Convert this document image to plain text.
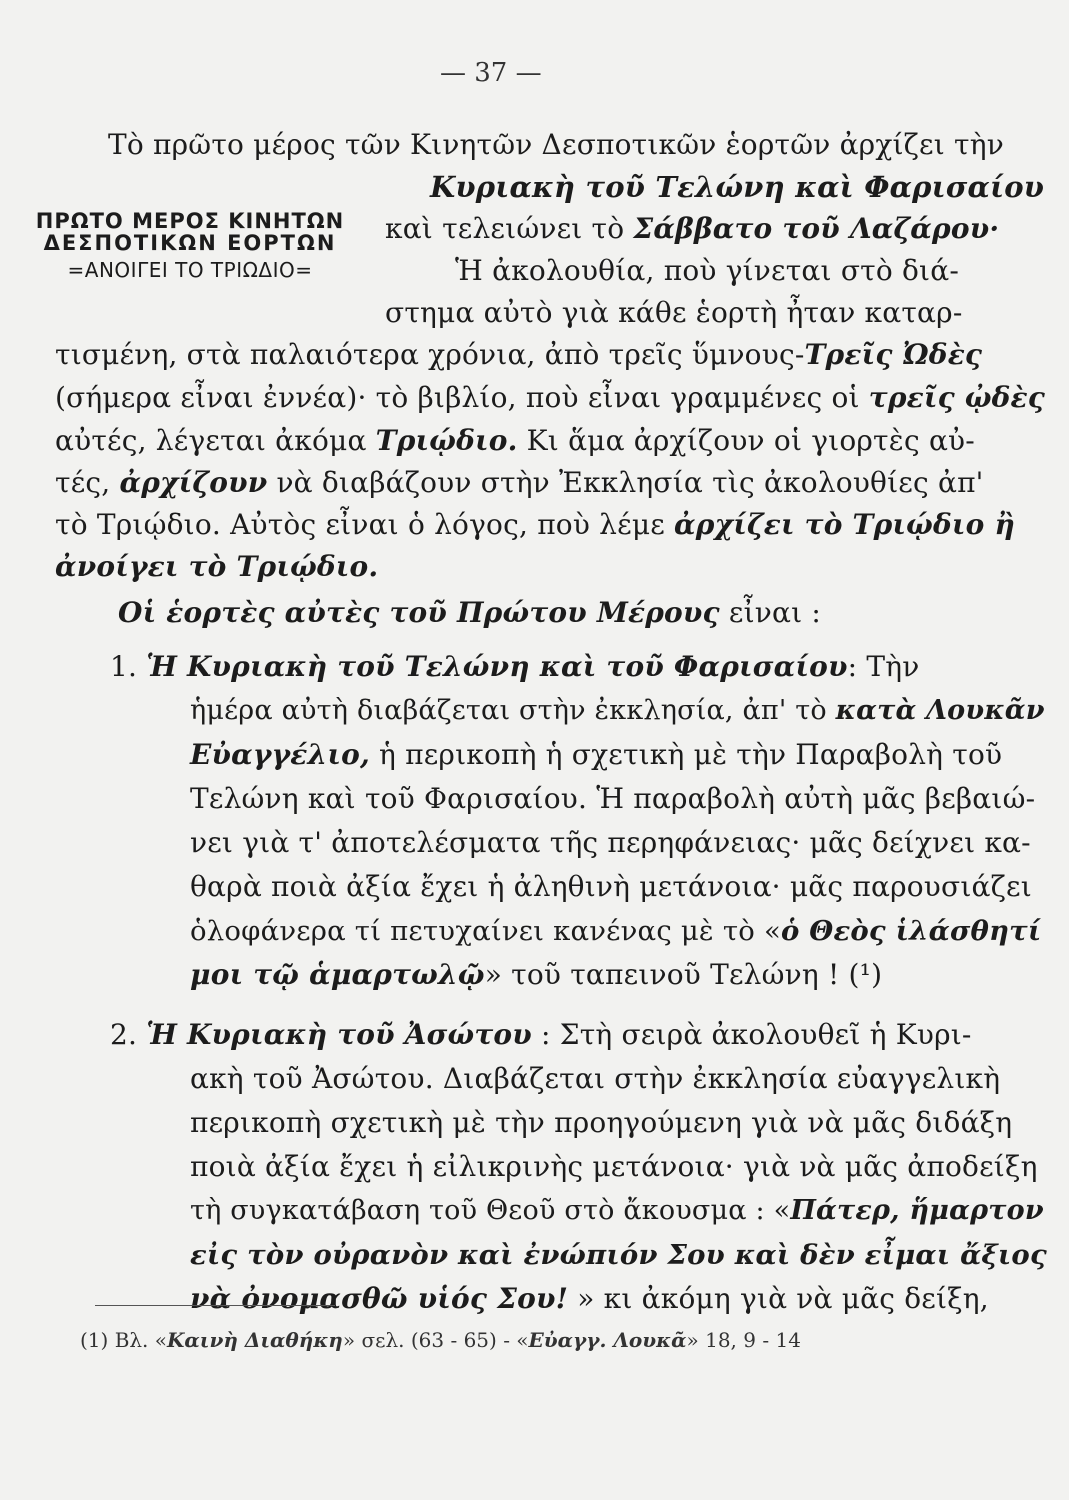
— 37 —
ΠΡΩΤΟ ΜΕΡΟΣ ΚΙΝΗΤΩΝ
ΔΕΣΠΟΤΙΚΩΝ ΕΟΡΤΩΝ
=ΑΝΟΙΓΕΙ ΤΟ ΤΡΙΩΔΙΟ=
Τὸ πρῶτο μέρος τῶν Κινητῶν Δεσποτικῶν ἑορτῶν ἀρχίζει τὴν
Κυριακὴ τοῦ Τελώνη καὶ Φαρισαίου
καὶ τελειώνει τὸ Σάββατο τοῦ Λαζάρου·
Ἡ ἀκολουθία, ποὺ γίνεται στὸ διά-
στημα αὐτὸ γιὰ κάθε ἑορτὴ ἦταν καταρ-
τισμένη, στὰ παλαιότερα χρόνια, ἀπὸ τρεῖς ὕμνους-Τρεῖς Ὠδὲς
(σήμερα εἶναι ἐννέα)· τὸ βιβλίο, ποὺ εἶναι γραμμένες οἱ τρεῖς ᾠδὲς
αὐτές, λέγεται ἀκόμα Τριῴδιο. Κι ἅμα ἀρχίζουν οἱ γιορτὲς αὐ-
τές, ἀρχίζουν νὰ διαβάζουν στὴν Ἐκκλησία τὶς ἀκολουθίες ἀπ'
τὸ Τριῴδιο. Αὐτὸς εἶναι ὁ λόγος, ποὺ λέμε ἀρχίζει τὸ Τριῴδιο ἢ
ἀνοίγει τὸ Τριῴδιο.
Οἱ ἑορτὲς αὐτὲς τοῦ Πρώτου Μέρους εἶναι :
1. Ἡ Κυριακὴ τοῦ Τελώνη καὶ τοῦ Φαρισαίου: Τὴν
ἡμέρα αὐτὴ διαβάζεται στὴν ἐκκλησία, ἀπ' τὸ κατὰ Λουκᾶν
Εὐαγγέλιο, ἡ περικοπὴ ἡ σχετικὴ μὲ τὴν Παραβολὴ τοῦ
Τελώνη καὶ τοῦ Φαρισαίου. Ἡ παραβολὴ αὐτὴ μᾶς βεβαιώ-
νει γιὰ τ' ἀποτελέσματα τῆς περηφάνειας· μᾶς δείχνει κα-
θαρὰ ποιὰ ἀξία ἔχει ἡ ἀληθινὴ μετάνοια· μᾶς παρουσιάζει
ὁλοφάνερα τί πετυχαίνει κανένας μὲ τὸ «ὁ Θεὸς ἱλάσθητί
μοι τῷ ἁμαρτωλῷ» τοῦ ταπεινοῦ Τελώνη ! (¹)
2. Ἡ Κυριακὴ τοῦ Ἀσώτου : Στὴ σειρὰ ἀκολουθεῖ ἡ Κυρι-
ακὴ τοῦ Ἀσώτου. Διαβάζεται στὴν ἐκκλησία εὐαγγελικὴ
περικοπὴ σχετικὴ μὲ τὴν προηγούμενη γιὰ νὰ μᾶς διδάξη
ποιὰ ἀξία ἔχει ἡ εἰλικρινὴς μετάνοια· γιὰ νὰ μᾶς ἀποδείξη
τὴ συγκατάβαση τοῦ Θεοῦ στὸ ἄκουσμα : «Πάτερ, ἥμαρτον
εἰς τὸν οὐρανὸν καὶ ἐνώπιόν Σου καὶ δὲν εἶμαι ἄξιος
νὰ ὀνομασθῶ υἱός Σου! » κι ἀκόμη γιὰ νὰ μᾶς δείξη,
(1) Βλ. «Καινὴ Διαθήκη» σελ. (63 - 65) - «Εὐαγγ. Λουκᾶ» 18, 9 - 14
